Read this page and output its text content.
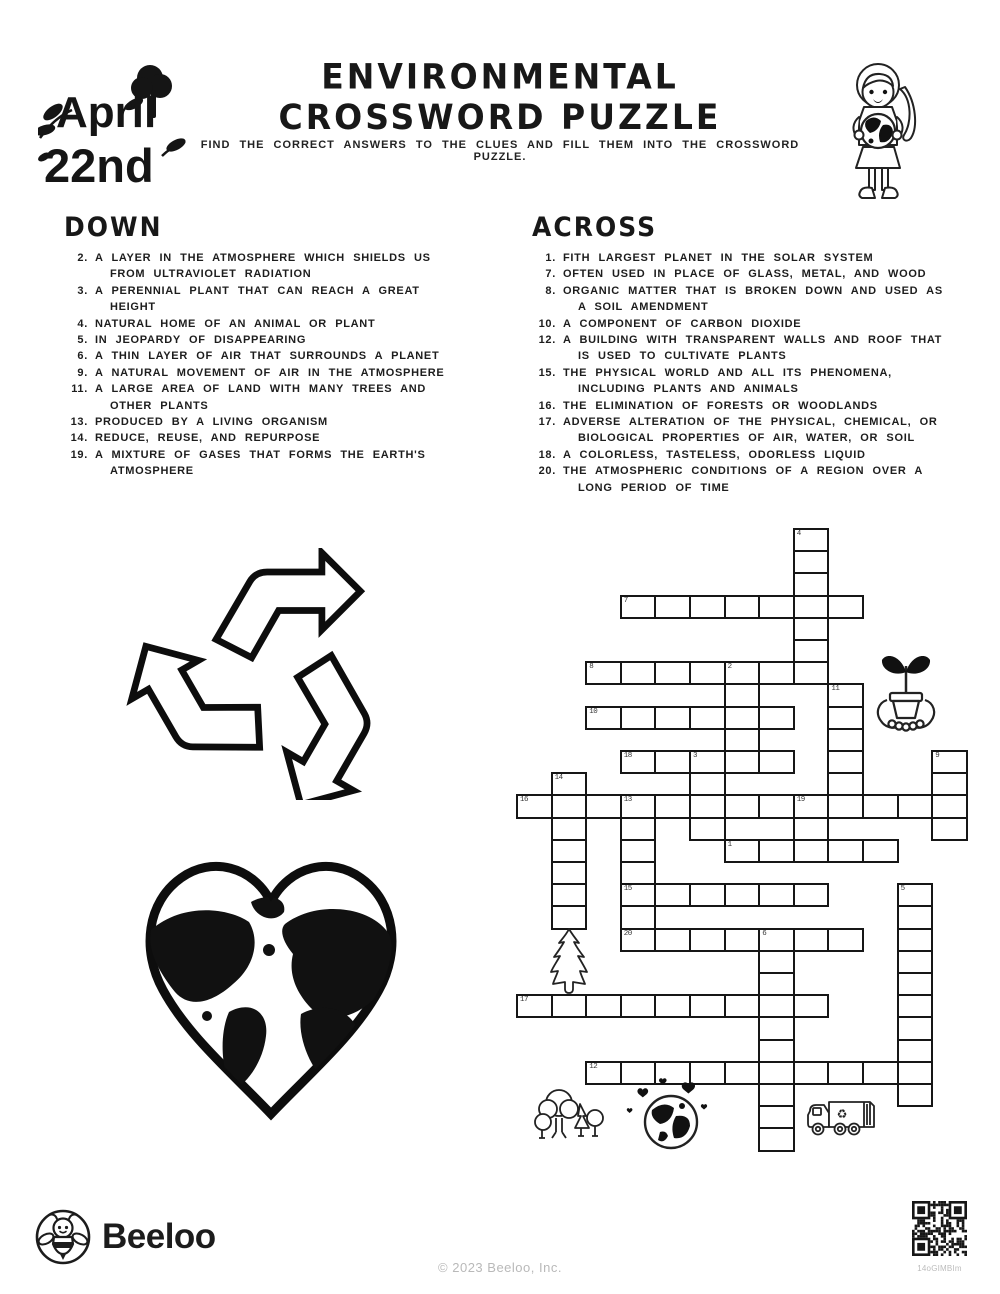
April
22nd
ENVIRONMENTAL CROSSWORD PUZZLE
FIND THE CORRECT ANSWERS TO THE CLUES AND FILL THEM INTO THE CROSSWORD PUZZLE.
DOWN
2. A LAYER IN THE ATMOSPHERE WHICH SHIELDS US FROM ULTRAVIOLET RADIATION
3. A PERENNIAL PLANT THAT CAN REACH A GREAT HEIGHT
4. NATURAL HOME OF AN ANIMAL OR PLANT
5. IN JEOPARDY OF DISAPPEARING
6. A THIN LAYER OF AIR THAT SURROUNDS A PLANET
9. A NATURAL MOVEMENT OF AIR IN THE ATMOSPHERE
11. A LARGE AREA OF LAND WITH MANY TREES AND OTHER PLANTS
13. PRODUCED BY A LIVING ORGANISM
14. REDUCE, REUSE, AND REPURPOSE
19. A MIXTURE OF GASES THAT FORMS THE EARTH'S ATMOSPHERE
ACROSS
1. FITH LARGEST PLANET IN THE SOLAR SYSTEM
7. OFTEN USED IN PLACE OF GLASS, METAL, AND WOOD
8. ORGANIC MATTER THAT IS BROKEN DOWN AND USED AS A SOIL AMENDMENT
10. A COMPONENT OF CARBON DIOXIDE
12. A BUILDING WITH TRANSPARENT WALLS AND ROOF THAT IS USED TO CULTIVATE PLANTS
15. THE PHYSICAL WORLD AND ALL ITS PHENOMENA, INCLUDING PLANTS AND ANIMALS
16. THE ELIMINATION OF FORESTS OR WOODLANDS
17. ADVERSE ALTERATION OF THE PHYSICAL, CHEMICAL, OR BIOLOGICAL PROPERTIES OF AIR, WATER, OR SOIL
18. A COLORLESS, TASTELESS, ODORLESS LIQUID
20. THE ATMOSPHERIC CONDITIONS OF A REGION OVER A LONG PERIOD OF TIME
4
7
8	2
11
10
18	3	9
14
16	13	19
15
20
1
5
6
17
12
♻
Beeloo
© 2023 Beeloo, Inc.	14oGIMBIm
